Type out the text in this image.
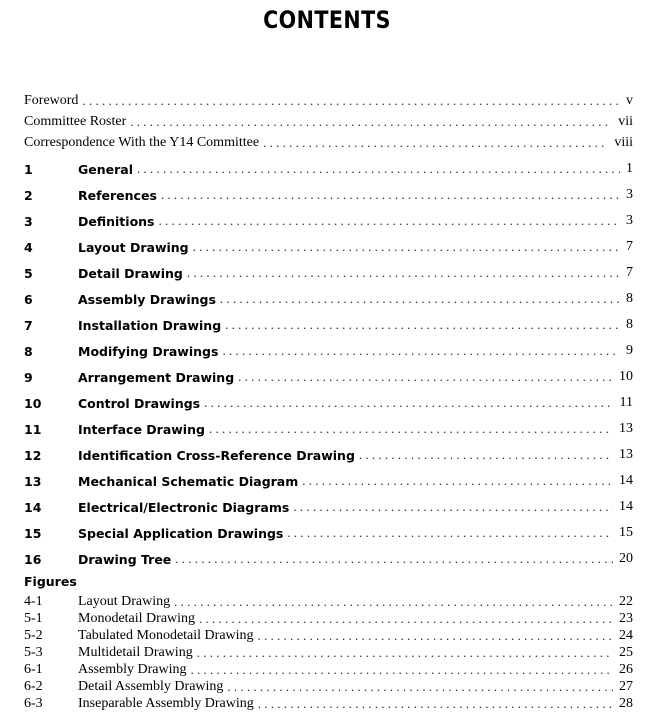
CONTENTS
Foreword . . .	v
Committee Roster . . .	vii
Correspondence With the Y14 Committee . . .	viii
1	General . . .	1
2	References . . .	3
3	Definitions . . .	3
4	Layout Drawing . . .	7
5	Detail Drawing . . .	7
6	Assembly Drawings . . .	8
7	Installation Drawing . . .	8
8	Modifying Drawings . . .	9
9	Arrangement Drawing . . .	10
10	Control Drawings . . .	11
11	Interface Drawing . . .	13
12	Identification Cross-Reference Drawing . . .	13
13	Mechanical Schematic Diagram . . .	14
14	Electrical/Electronic Diagrams . . .	14
15	Special Application Drawings . . .	15
16	Drawing Tree . . .	20
Figures
4-1	Layout Drawing . . .	22
5-1	Monodetail Drawing . . .	23
5-2	Tabulated Monodetail Drawing . . .	24
5-3	Multidetail Drawing . . .	25
6-1	Assembly Drawing . . .	26
6-2	Detail Assembly Drawing . . .	27
6-3	Inseparable Assembly Drawing . . .	28
